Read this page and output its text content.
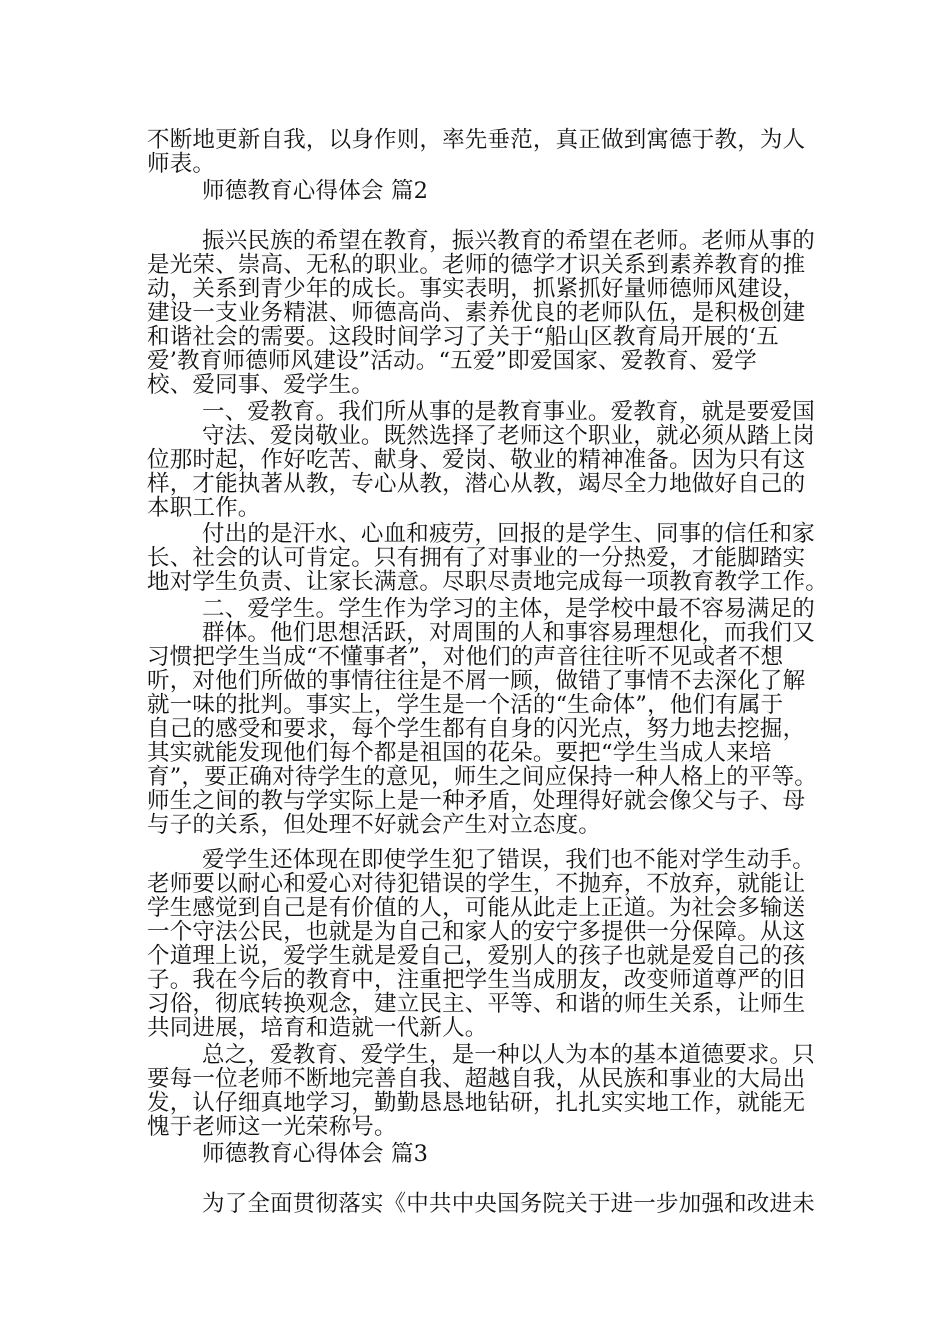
不断地更新自我，以身作则，率先垂范，真正做到寓德于教，为人
师表。
师德教育心得体会 篇2
振兴民族的希望在教育，振兴教育的希望在老师。老师从事的
是光荣、崇高、无私的职业。老师的德学才识关系到素养教育的推
动，关系到青少年的成长。事实表明，抓紧抓好量师德师风建设，
建设一支业务精湛、师德高尚、素养优良的老师队伍，是积极创建
和谐社会的需要。这段时间学习了关于“船山区教育局开展的‘五
爱’教育师德师风建设”活动。“五爱”即爱国家、爱教育、爱学
校、爱同事、爱学生。
一、爱教育。我们所从事的是教育事业。爱教育，就是要爱国
守法、爱岗敬业。既然选择了老师这个职业，就必须从踏上岗
位那时起，作好吃苦、献身、爱岗、敬业的精神准备。因为只有这
样，才能执著从教，专心从教，潜心从教，竭尽全力地做好自己的
本职工作。
付出的是汗水、心血和疲劳，回报的是学生、同事的信任和家
长、社会的认可肯定。只有拥有了对事业的一分热爱，才能脚踏实
地对学生负责、让家长满意。尽职尽责地完成每一项教育教学工作。
二、爱学生。学生作为学习的主体，是学校中最不容易满足的
群体。他们思想活跃，对周围的人和事容易理想化，而我们又
习惯把学生当成“不懂事者”，对他们的声音往往听不见或者不想
听，对他们所做的事情往往是不屑一顾，做错了事情不去深化了解
就一味的批判。事实上，学生是一个活的“生命体”，他们有属于
自己的感受和要求，每个学生都有自身的闪光点，努力地去挖掘，
其实就能发现他们每个都是祖国的花朵。要把“学生当成人来培
育”，要正确对待学生的意见，师生之间应保持一种人格上的平等。
师生之间的教与学实际上是一种矛盾，处理得好就会像父与子、母
与子的关系，但处理不好就会产生对立态度。
爱学生还体现在即使学生犯了错误，我们也不能对学生动手。
老师要以耐心和爱心对待犯错误的学生，不抛弃，不放弃，就能让
学生感觉到自己是有价值的人，可能从此走上正道。为社会多输送
一个守法公民，也就是为自己和家人的安宁多提供一分保障。从这
个道理上说，爱学生就是爱自己，爱别人的孩子也就是爱自己的孩
子。我在今后的教育中，注重把学生当成朋友，改变师道尊严的旧
习俗，彻底转换观念，建立民主、平等、和谐的师生关系，让师生
共同进展，培育和造就一代新人。
总之，爱教育、爱学生，是一种以人为本的基本道德要求。只
要每一位老师不断地完善自我、超越自我，从民族和事业的大局出
发，认仔细真地学习，勤勤恳恳地钻研，扎扎实实地工作，就能无
愧于老师这一光荣称号。
师德教育心得体会 篇3
为了全面贯彻落实《中共中央国务院关于进一步加强和改进未
